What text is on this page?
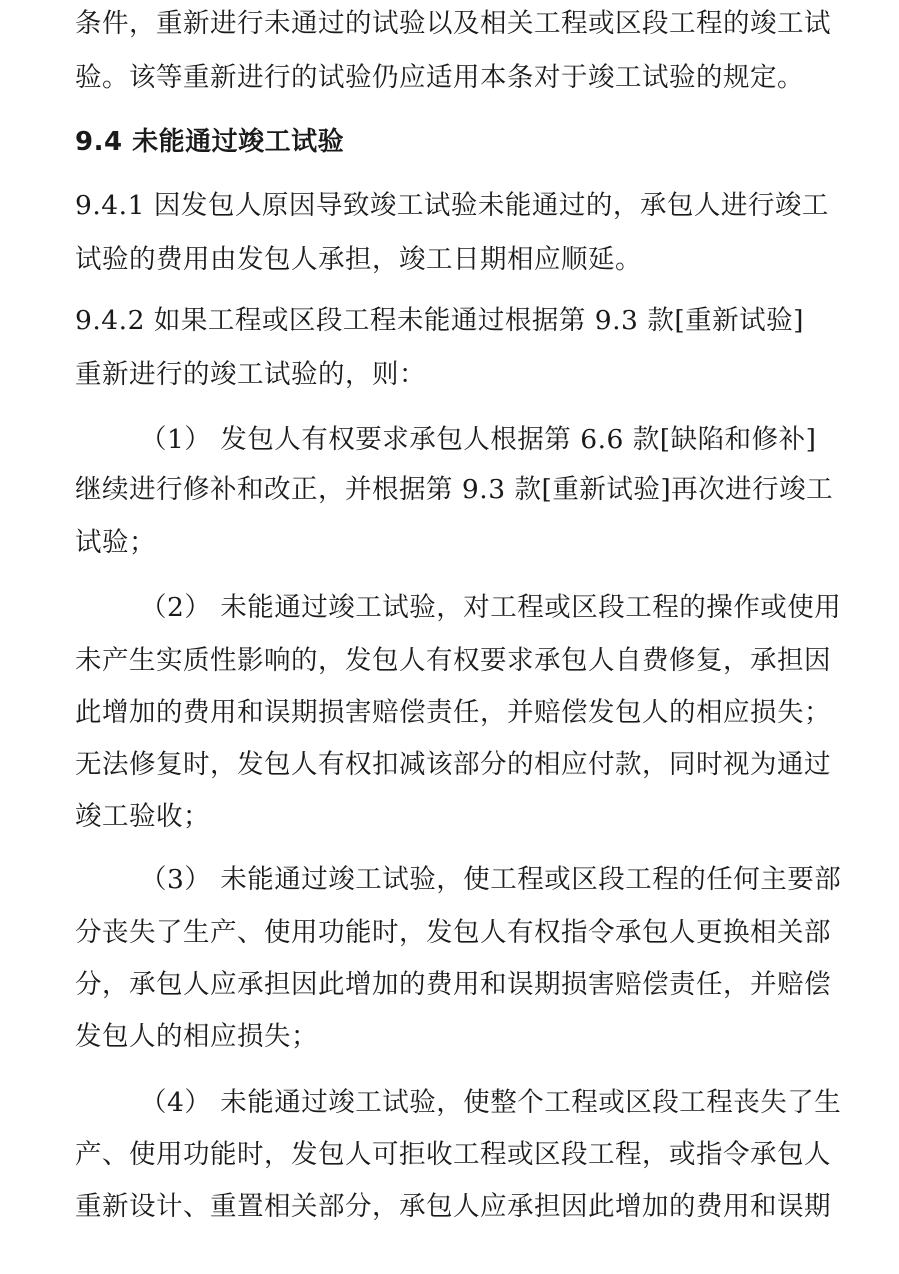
条件，重新进行未通过的试验以及相关工程或区段工程的竣工试
验。该等重新进行的试验仍应适用本条对于竣工试验的规定。
9.4 未能通过竣工试验
9.4.1 因发包人原因导致竣工试验未能通过的，承包人进行竣工
试验的费用由发包人承担，竣工日期相应顺延。
9.4.2 如果工程或区段工程未能通过根据第 9.3 款[重新试验]
重新进行的竣工试验的，则：
（1） 发包人有权要求承包人根据第 6.6 款[缺陷和修补]
继续进行修补和改正，并根据第 9.3 款[重新试验]再次进行竣工
试验；
（2） 未能通过竣工试验，对工程或区段工程的操作或使用
未产生实质性影响的，发包人有权要求承包人自费修复，承担因
此增加的费用和误期损害赔偿责任，并赔偿发包人的相应损失；
无法修复时，发包人有权扣减该部分的相应付款，同时视为通过
竣工验收；
（3） 未能通过竣工试验，使工程或区段工程的任何主要部
分丧失了生产、使用功能时，发包人有权指令承包人更换相关部
分，承包人应承担因此增加的费用和误期损害赔偿责任，并赔偿
发包人的相应损失；
（4） 未能通过竣工试验，使整个工程或区段工程丧失了生
产、使用功能时，发包人可拒收工程或区段工程，或指令承包人
重新设计、重置相关部分，承包人应承担因此增加的费用和误期
